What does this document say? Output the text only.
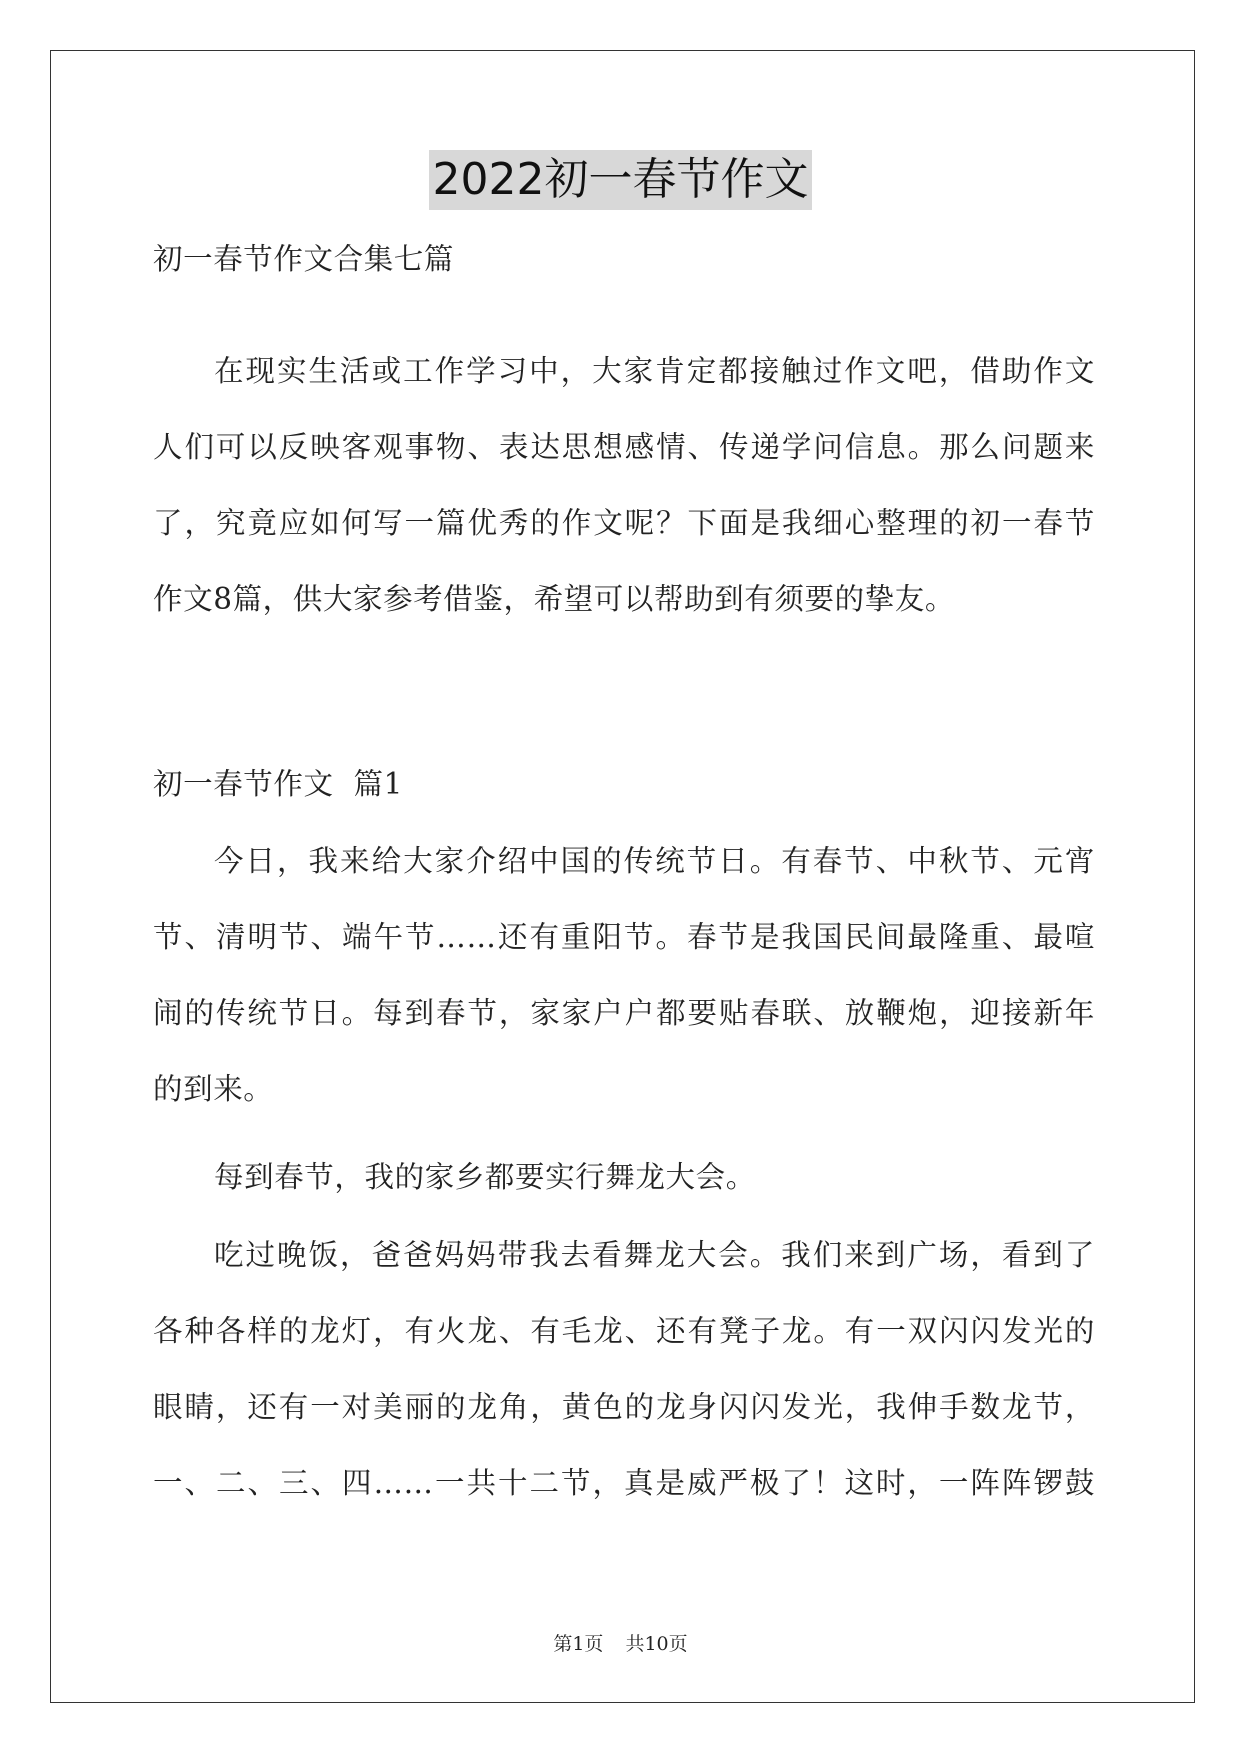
2022初一春节作文
初一春节作文合集七篇
在现实生活或工作学习中，大家肯定都接触过作文吧，借助作文
人们可以反映客观事物、表达思想感情、传递学问信息。那么问题来
了，究竟应如何写一篇优秀的作文呢？下面是我细心整理的初一春节
作文8篇，供大家参考借鉴，希望可以帮助到有须要的挚友。
初一春节作文  篇1
今日，我来给大家介绍中国的传统节日。有春节、中秋节、元宵
节、清明节、端午节……还有重阳节。春节是我国民间最隆重、最喧
闹的传统节日。每到春节，家家户户都要贴春联、放鞭炮，迎接新年
的到来。
每到春节，我的家乡都要实行舞龙大会。
吃过晚饭，爸爸妈妈带我去看舞龙大会。我们来到广场，看到了
各种各样的龙灯，有火龙、有毛龙、还有凳子龙。有一双闪闪发光的
眼睛，还有一对美丽的龙角，黄色的龙身闪闪发光，我伸手数龙节，
一、二、三、四……一共十二节，真是威严极了！这时，一阵阵锣鼓
第1页 共10页
